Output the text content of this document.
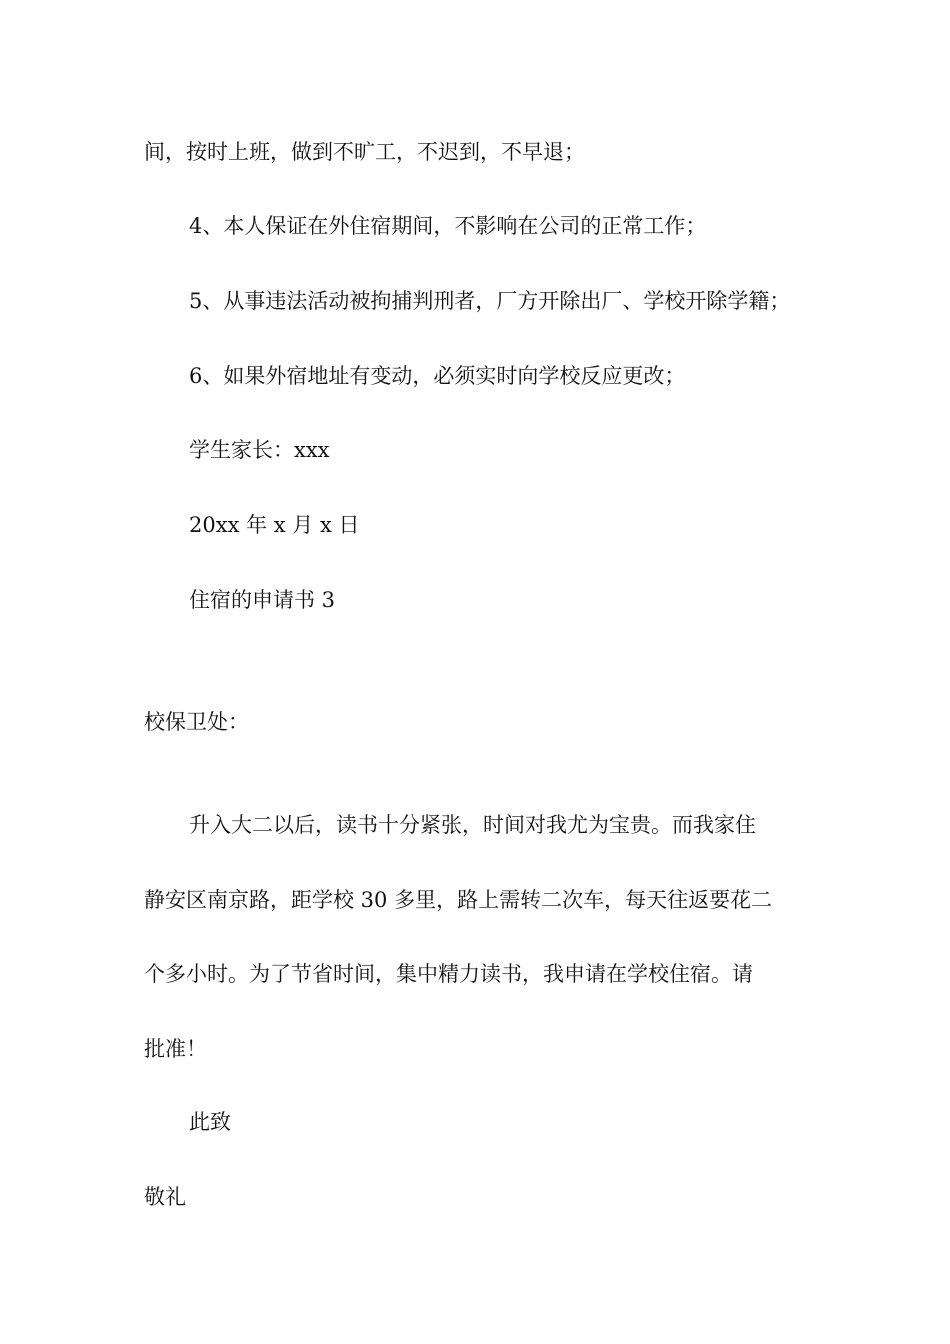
间，按时上班，做到不旷工，不迟到，不早退；

4、本人保证在外住宿期间，不影响在公司的正常工作；

5、从事违法活动被拘捕判刑者，厂方开除出厂、学校开除学籍；

6、如果外宿地址有变动，必须实时向学校反应更改；

学生家长：xxx

20xx 年 x 月 x 日

住宿的申请书 3

校保卫处：

升入大二以后，读书十分紧张，时间对我尤为宝贵。而我家住

静安区南京路，距学校 30 多里，路上需转二次车，每天往返要花二

个多小时。为了节省时间，集中精力读书，我申请在学校住宿。请

批准！

此致

敬礼
